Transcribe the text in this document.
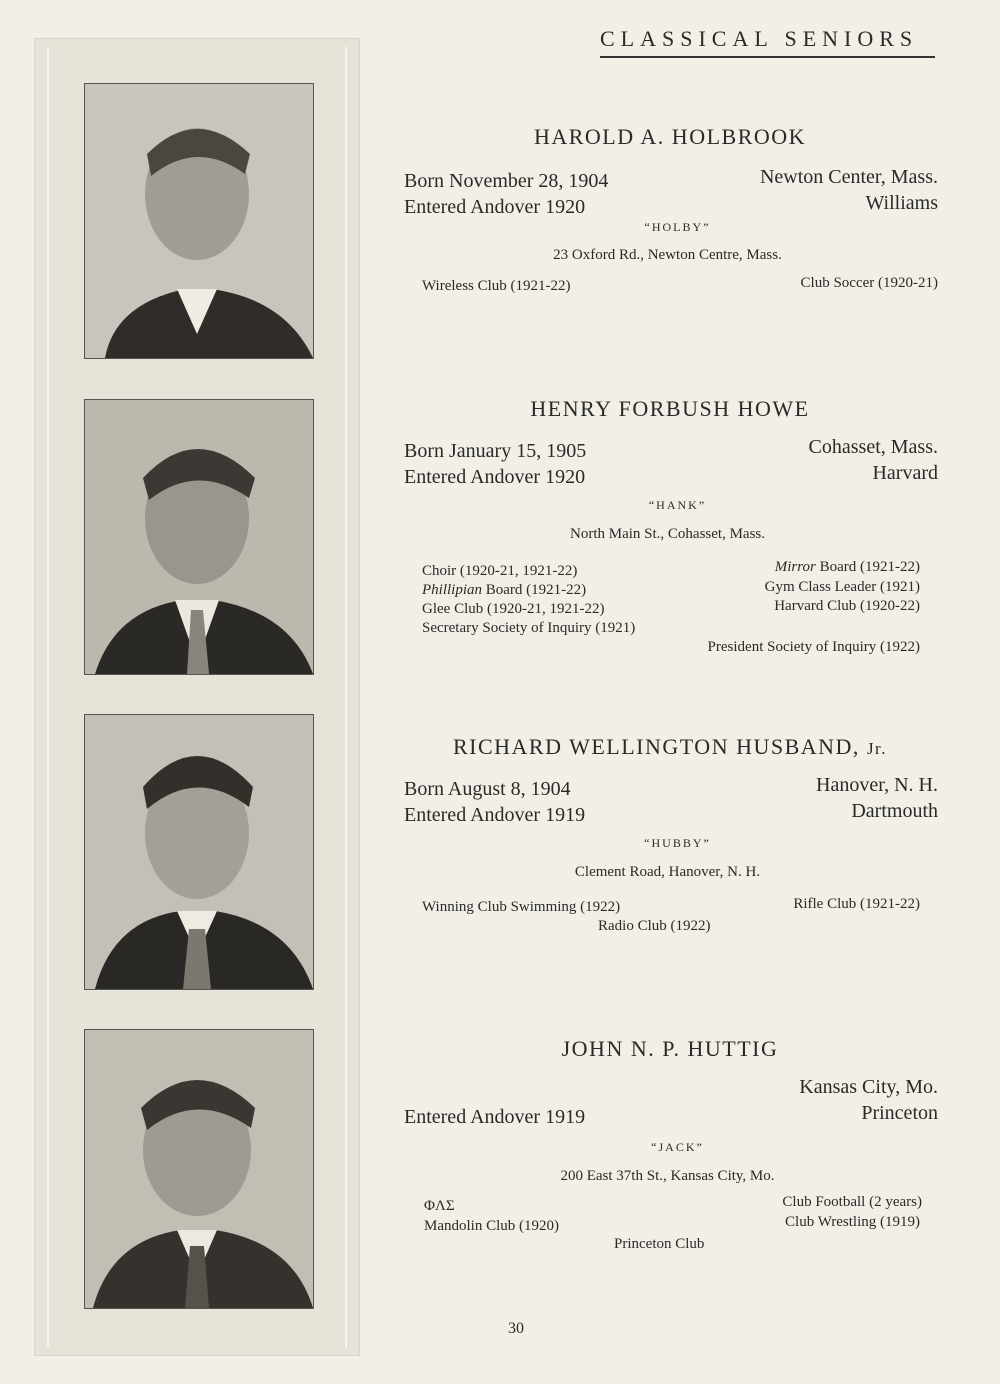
CLASSICAL SENIORS
HAROLD A. HOLBROOK
Born November 28, 1904
Entered Andover 1920
Newton Center, Mass.
Williams
“HOLBY”
23 Oxford Rd., Newton Centre, Mass.
Wireless Club (1921-22)	Club Soccer (1920-21)
HENRY FORBUSH HOWE
Born January 15, 1905
Entered Andover 1920
Cohasset, Mass.
Harvard
“HANK”
North Main St., Cohasset, Mass.
Choir (1920-21, 1921-22)
Phillipian Board (1921-22)
Glee Club (1920-21, 1921-22)
Secretary Society of Inquiry (1921)
Mirror Board (1921-22)
Gym Class Leader (1921)
Harvard Club (1920-22)
President Society of Inquiry (1922)
RICHARD WELLINGTON HUSBAND, Jr.
Born August 8, 1904
Entered Andover 1919
Hanover, N. H.
Dartmouth
“HUBBY”
Clement Road, Hanover, N. H.
Winning Club Swimming (1922)	Rifle Club (1921-22)
Radio Club (1922)
JOHN N. P. HUTTIG
Entered Andover 1919
Kansas City, Mo.
Princeton
“JACK”
200 East 37th St., Kansas City, Mo.
ΦΛΣ
Mandolin Club (1920)
Princeton Club
Club Football (2 years)
Club Wrestling (1919)
30
